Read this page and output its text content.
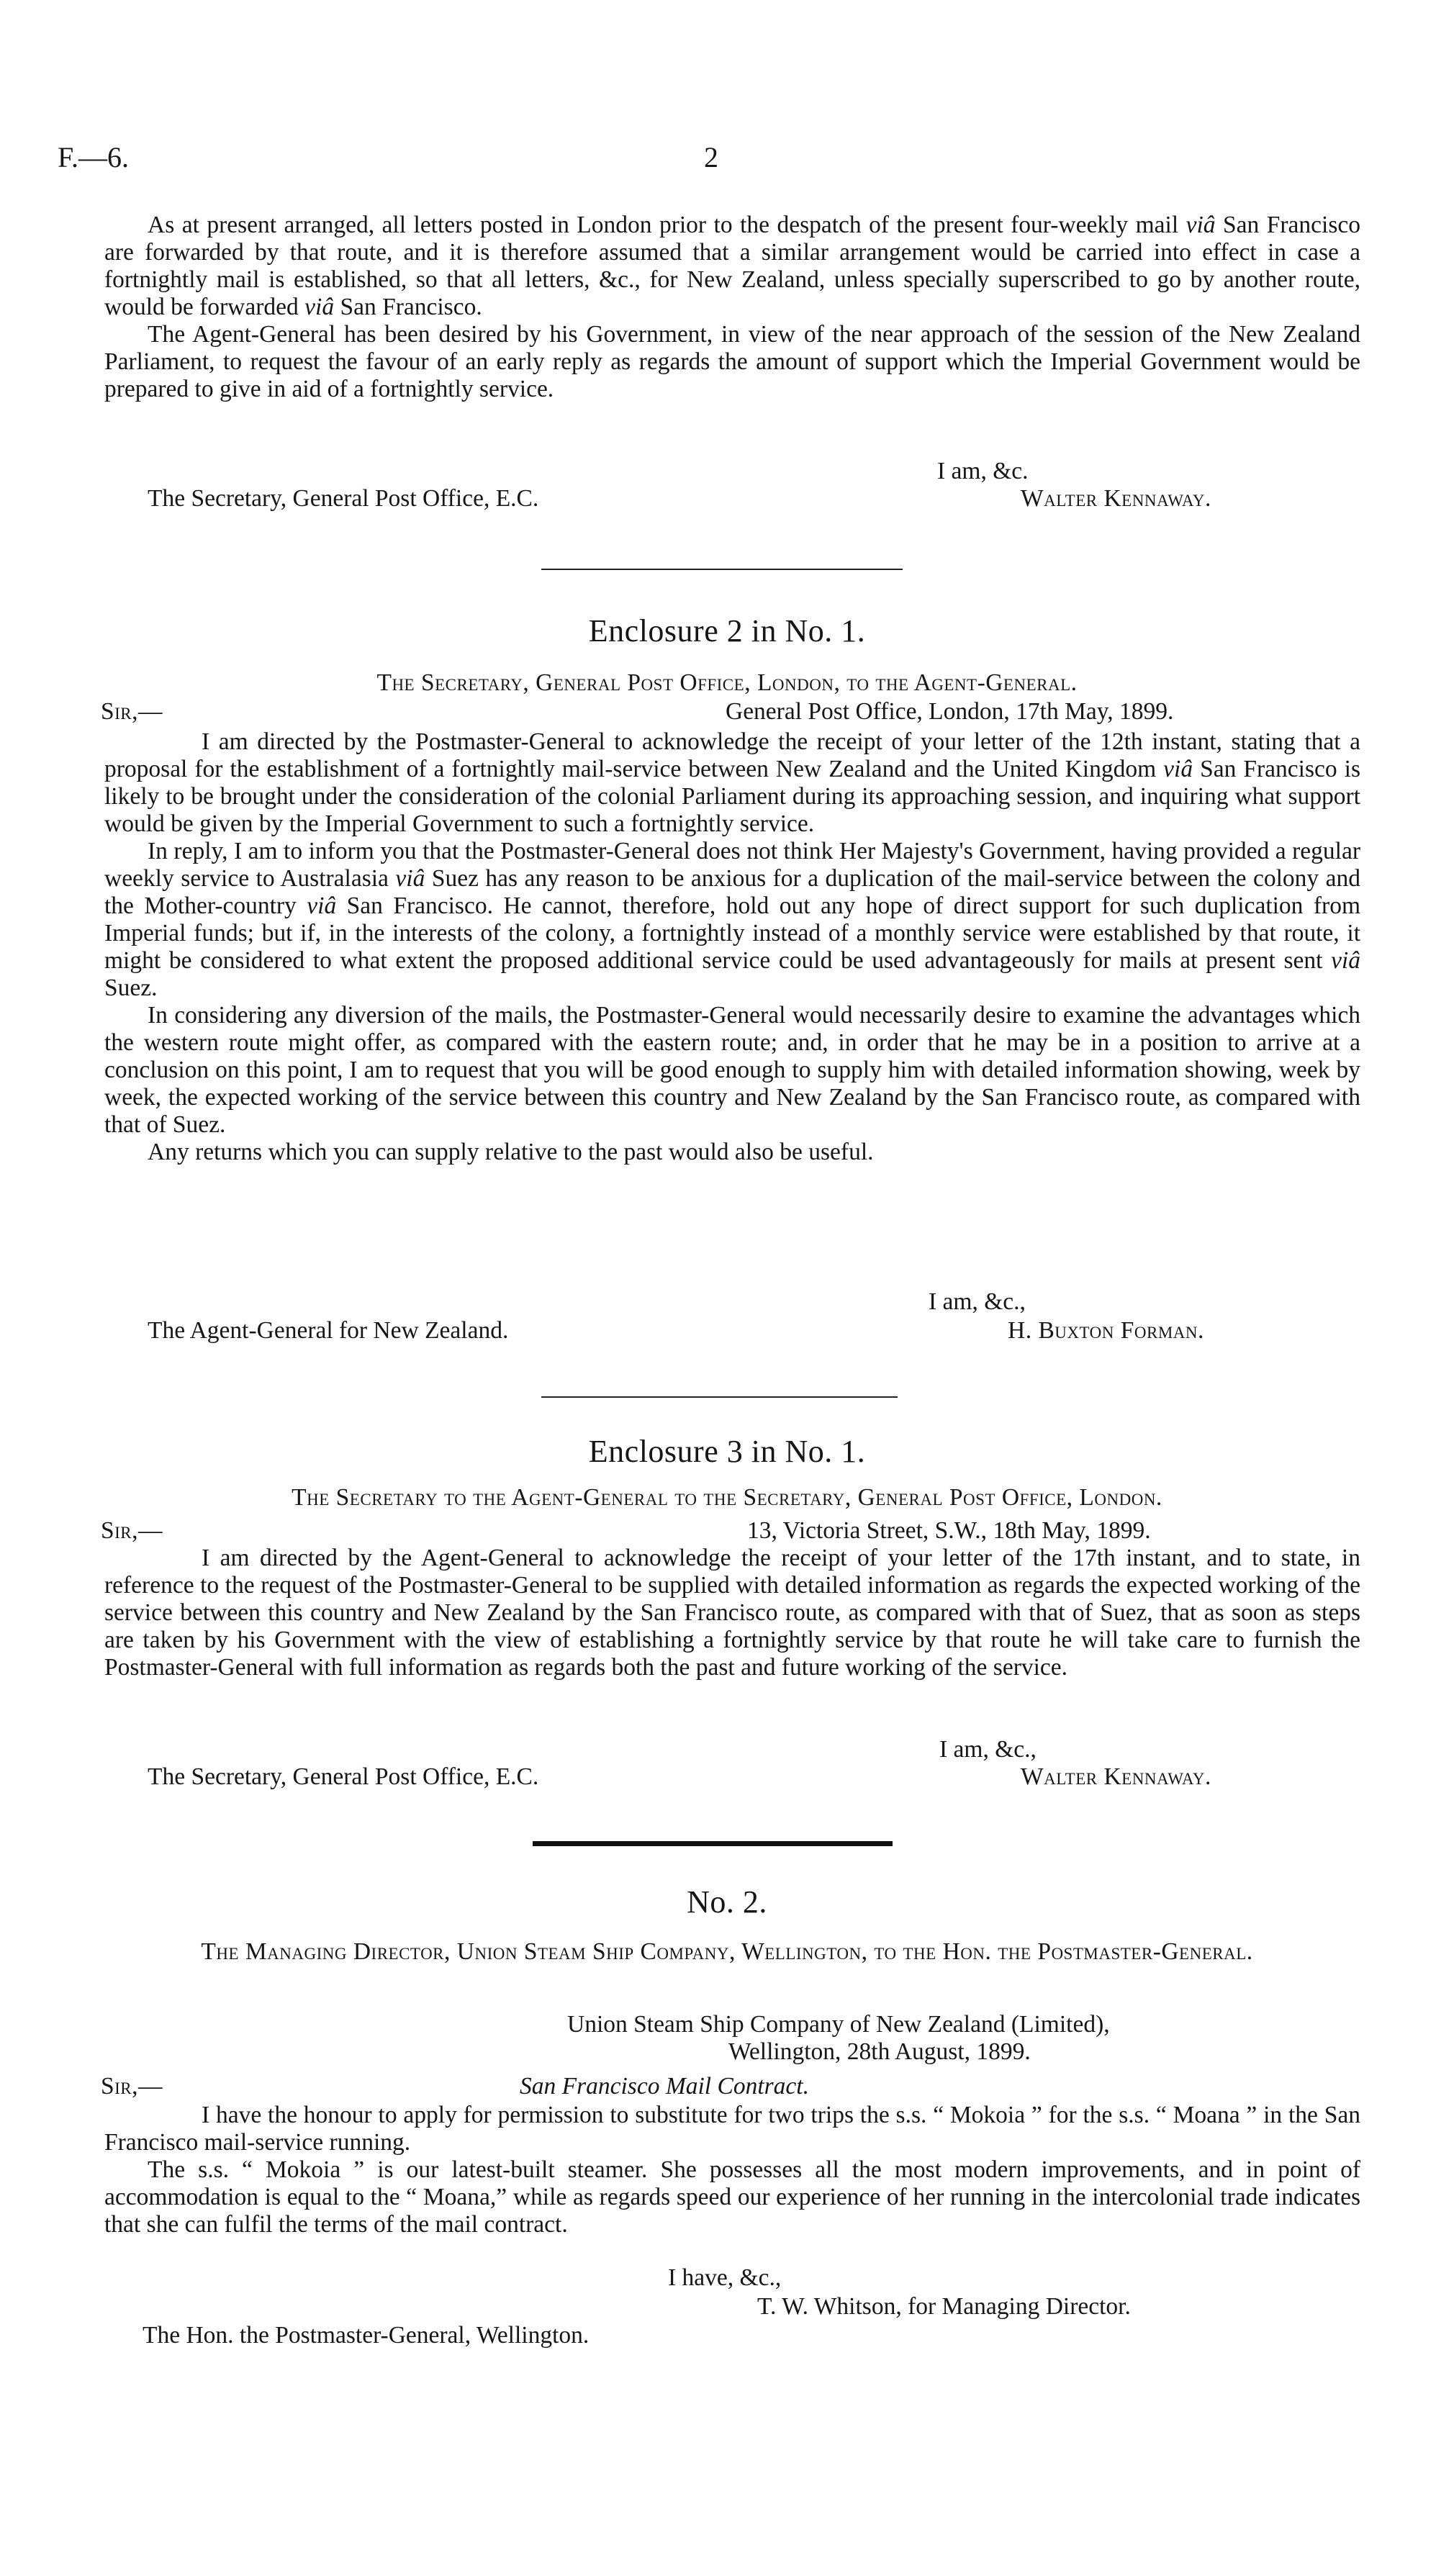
F.—6.	2

As at present arranged, all letters posted in London prior to the despatch of the present four-weekly mail viâ San Francisco are forwarded by that route, and it is therefore assumed that a similar arrangement would be carried into effect in case a fortnightly mail is established, so that all letters, &c., for New Zealand, unless specially superscribed to go by another route, would be forwarded viâ San Francisco.

The Agent-General has been desired by his Government, in view of the near approach of the session of the New Zealand Parliament, to request the favour of an early reply as regards the amount of support which the Imperial Government would be prepared to give in aid of a fortnightly service.

I am, &c.
The Secretary, General Post Office, E.C.	Walter Kennaway.
Enclosure 2 in No. 1.
The Secretary, General Post Office, London, to the Agent-General.
Sir,—	General Post Office, London, 17th May, 1899.

I am directed by the Postmaster-General to acknowledge the receipt of your letter of the 12th instant, stating that a proposal for the establishment of a fortnightly mail-service between New Zealand and the United Kingdom viâ San Francisco is likely to be brought under the consideration of the colonial Parliament during its approaching session, and inquiring what support would be given by the Imperial Government to such a fortnightly service.

In reply, I am to inform you that the Postmaster-General does not think Her Majesty's Government, having provided a regular weekly service to Australasia viâ Suez has any reason to be anxious for a duplication of the mail-service between the colony and the Mother-country viâ San Francisco. He cannot, therefore, hold out any hope of direct support for such duplication from Imperial funds; but if, in the interests of the colony, a fortnightly instead of a monthly service were established by that route, it might be considered to what extent the proposed additional service could be used advantageously for mails at present sent viâ Suez.

In considering any diversion of the mails, the Postmaster-General would necessarily desire to examine the advantages which the western route might offer, as compared with the eastern route; and, in order that he may be in a position to arrive at a conclusion on this point, I am to request that you will be good enough to supply him with detailed information showing, week by week, the expected working of the service between this country and New Zealand by the San Francisco route, as compared with that of Suez.

Any returns which you can supply relative to the past would also be useful.

I am, &c.,
The Agent-General for New Zealand.	H. Buxton Forman.
Enclosure 3 in No. 1.
The Secretary to the Agent-General to the Secretary, General Post Office, London.
Sir,—	13, Victoria Street, S.W., 18th May, 1899.

I am directed by the Agent-General to acknowledge the receipt of your letter of the 17th instant, and to state, in reference to the request of the Postmaster-General to be supplied with detailed information as regards the expected working of the service between this country and New Zealand by the San Francisco route, as compared with that of Suez, that as soon as steps are taken by his Government with the view of establishing a fortnightly service by that route he will take care to furnish the Postmaster-General with full information as regards both the past and future working of the service.

I am, &c.,
The Secretary, General Post Office, E.C.	Walter Kennaway.
No. 2.
The Managing Director, Union Steam Ship Company, Wellington, to the Hon. the Postmaster-General.
Union Steam Ship Company of New Zealand (Limited),
Wellington, 28th August, 1899.
Sir,—	San Francisco Mail Contract.

I have the honour to apply for permission to substitute for two trips the s.s. “ Mokoia ” for the s.s. “ Moana ” in the San Francisco mail-service running.

The s.s. “ Mokoia ” is our latest-built steamer. She possesses all the most modern improvements, and in point of accommodation is equal to the “ Moana,” while as regards speed our experience of her running in the intercolonial trade indicates that she can fulfil the terms of the mail contract.

I have, &c.,
T. W. Whitson, for Managing Director.
The Hon. the Postmaster-General, Wellington.
